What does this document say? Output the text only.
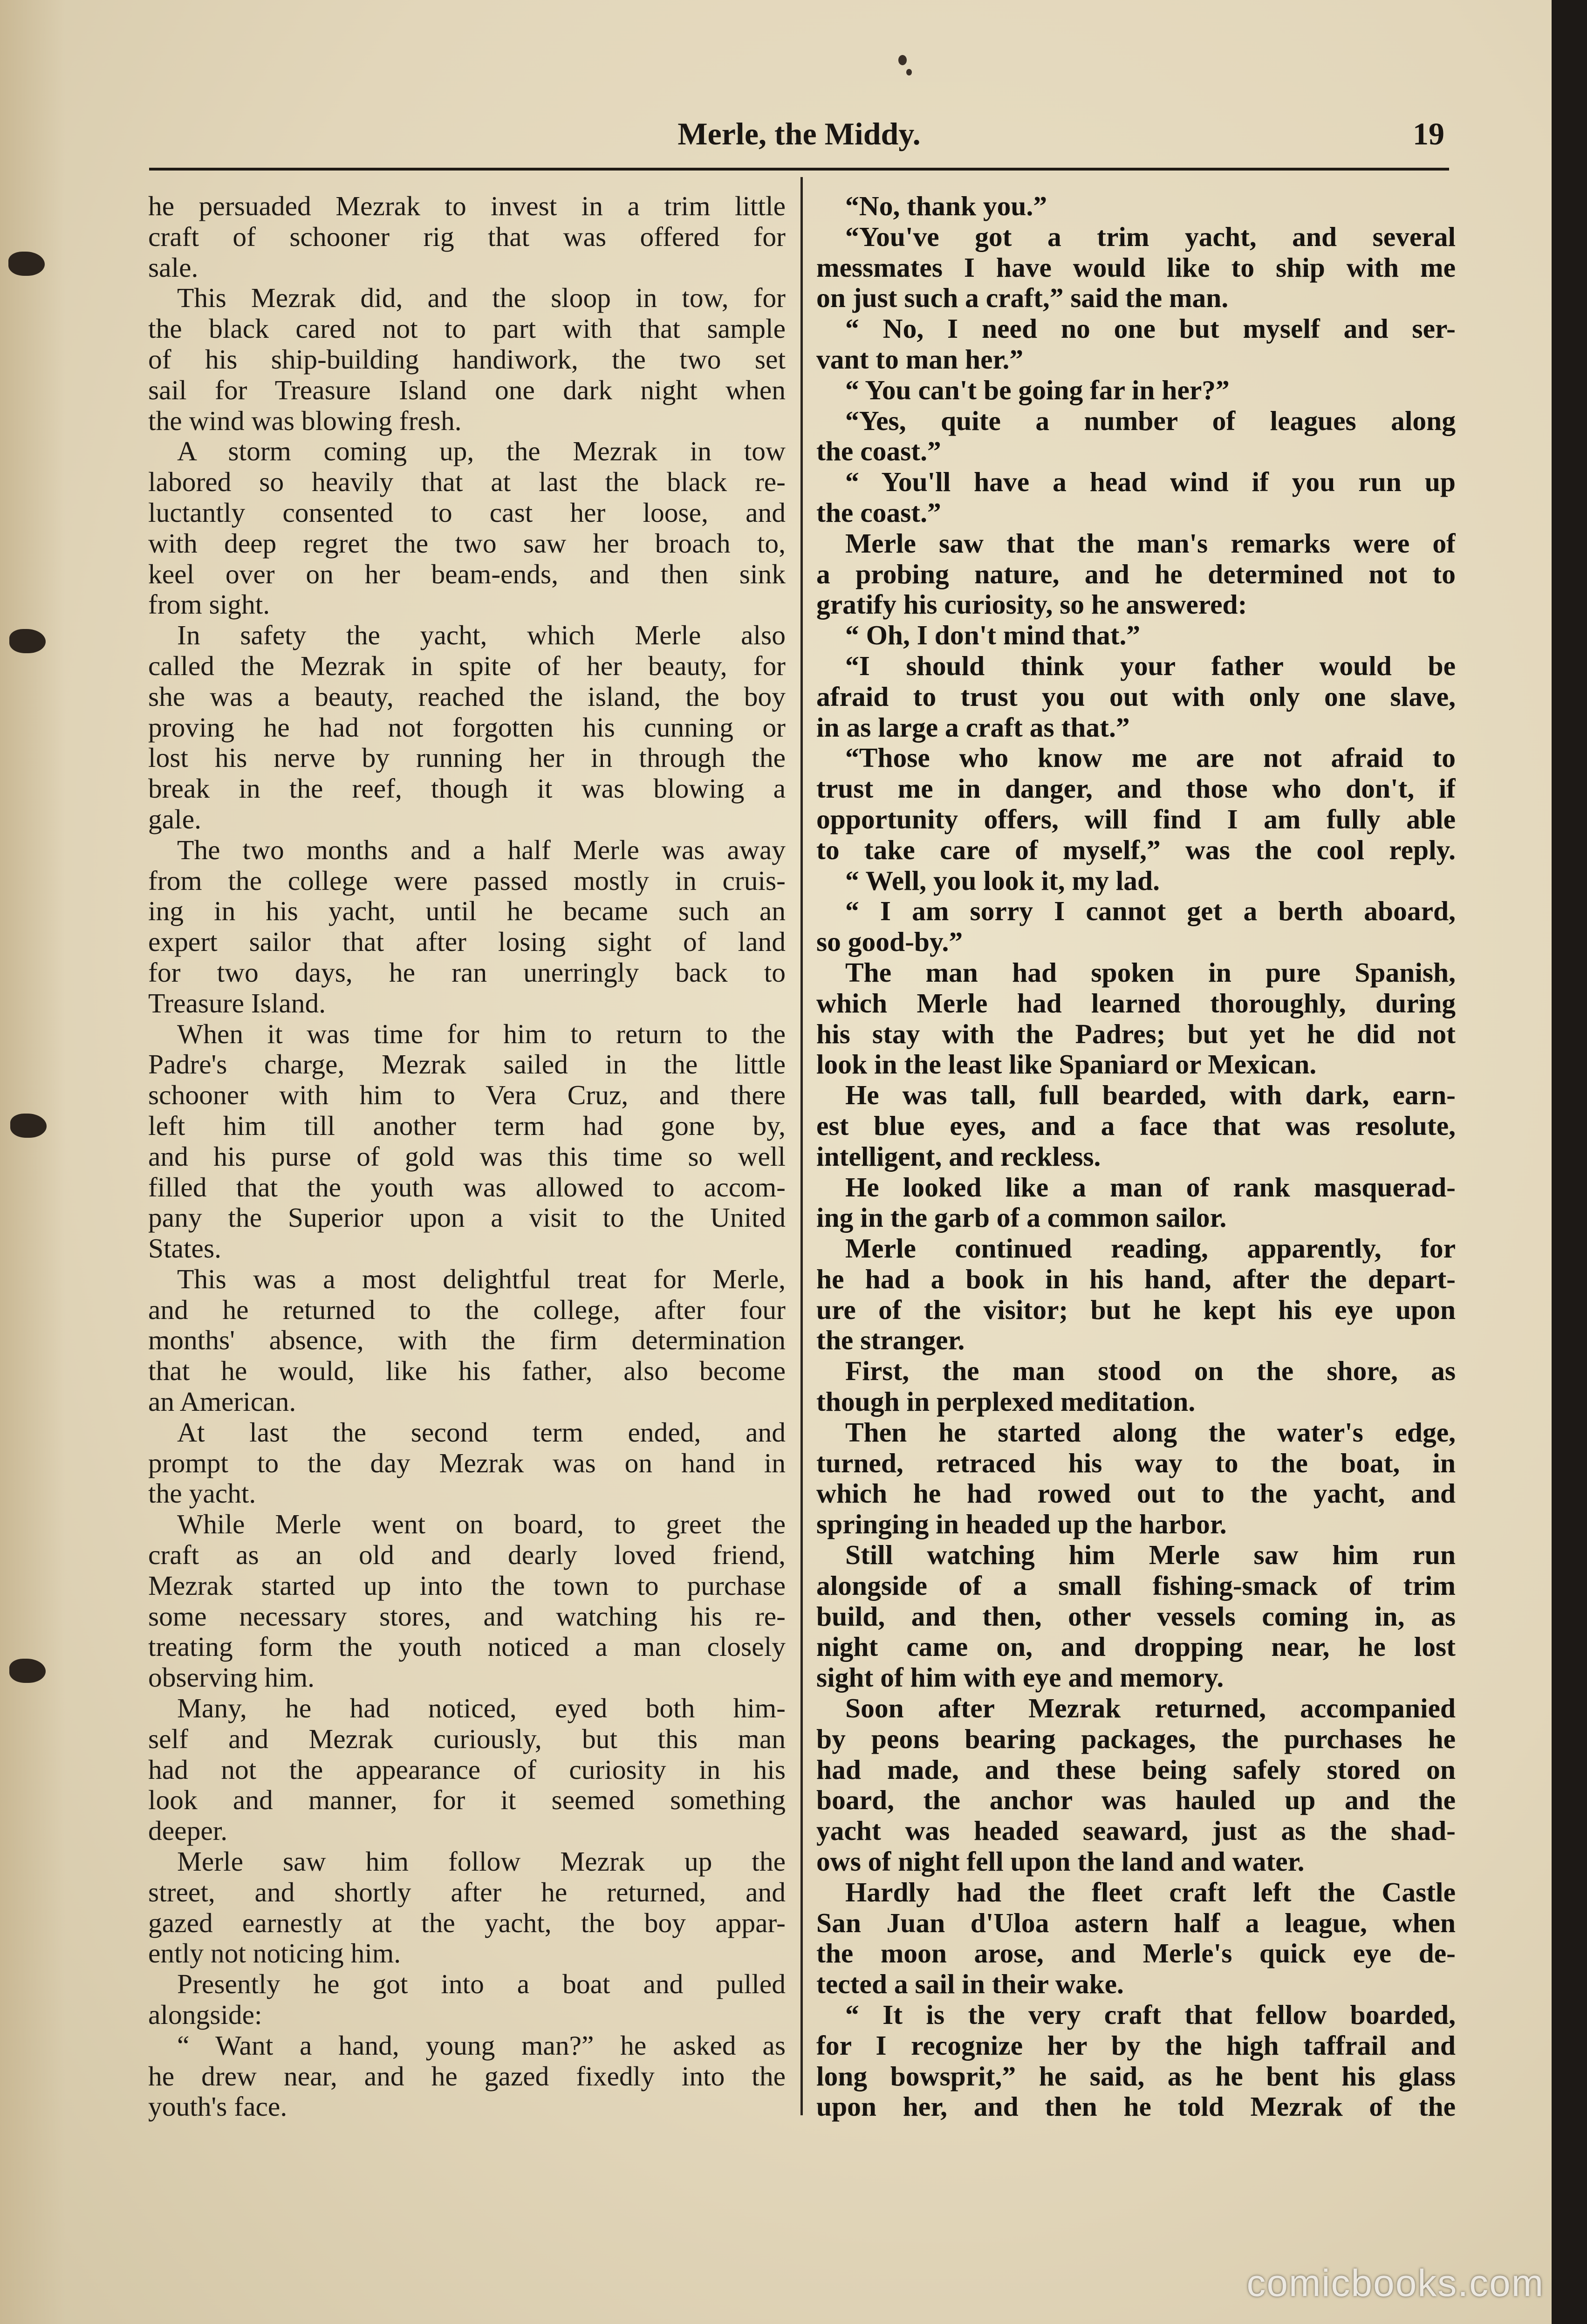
Merle, the Middy.	19
he persuaded Mezrak to invest in a trim little
craft of schooner rig that was offered for
sale.
This Mezrak did, and the sloop in tow, for
the black cared not to part with that sample
of his ship-building handiwork, the two set
sail for Treasure Island one dark night when
the wind was blowing fresh.
A storm coming up, the Mezrak in tow
labored so heavily that at last the black re-
luctantly consented to cast her loose, and
with deep regret the two saw her broach to,
keel over on her beam-ends, and then sink
from sight.
In safety the yacht, which Merle also
called the Mezrak in spite of her beauty, for
she was a beauty, reached the island, the boy
proving he had not forgotten his cunning or
lost his nerve by running her in through the
break in the reef, though it was blowing a
gale.
The two months and a half Merle was away
from the college were passed mostly in cruis-
ing in his yacht, until he became such an
expert sailor that after losing sight of land
for two days, he ran unerringly back to
Treasure Island.
When it was time for him to return to the
Padre's charge, Mezrak sailed in the little
schooner with him to Vera Cruz, and there
left him till another term had gone by,
and his purse of gold was this time so well
filled that the youth was allowed to accom-
pany the Superior upon a visit to the United
States.
This was a most delightful treat for Merle,
and he returned to the college, after four
months' absence, with the firm determination
that he would, like his father, also become
an American.
At last the second term ended, and
prompt to the day Mezrak was on hand in
the yacht.
While Merle went on board, to greet the
craft as an old and dearly loved friend,
Mezrak started up into the town to purchase
some necessary stores, and watching his re-
treating form the youth noticed a man closely
observing him.
Many, he had noticed, eyed both him-
self and Mezrak curiously, but this man
had not the appearance of curiosity in his
look and manner, for it seemed something
deeper.
Merle saw him follow Mezrak up the
street, and shortly after he returned, and
gazed earnestly at the yacht, the boy appar-
ently not noticing him.
Presently he got into a boat and pulled
alongside:
“ Want a hand, young man?” he asked as
he drew near, and he gazed fixedly into the
youth's face.
“No, thank you.”
“You've got a trim yacht, and several
messmates I have would like to ship with me
on just such a craft,” said the man.
“ No, I need no one but myself and ser-
vant to man her.”
“ You can't be going far in her?”
“Yes, quite a number of leagues along
the coast.”
“ You'll have a head wind if you run up
the coast.”
Merle saw that the man's remarks were of
a probing nature, and he determined not to
gratify his curiosity, so he answered:
“ Oh, I don't mind that.”
“I should think your father would be
afraid to trust you out with only one slave,
in as large a craft as that.”
“Those who know me are not afraid to
trust me in danger, and those who don't, if
opportunity offers, will find I am fully able
to take care of myself,” was the cool reply.
“ Well, you look it, my lad.
“ I am sorry I cannot get a berth aboard,
so good-by.”
The man had spoken in pure Spanish,
which Merle had learned thoroughly, during
his stay with the Padres; but yet he did not
look in the least like Spaniard or Mexican.
He was tall, full bearded, with dark, earn-
est blue eyes, and a face that was resolute,
intelligent, and reckless.
He looked like a man of rank masquerad-
ing in the garb of a common sailor.
Merle continued reading, apparently, for
he had a book in his hand, after the depart-
ure of the visitor; but he kept his eye upon
the stranger.
First, the man stood on the shore, as
though in perplexed meditation.
Then he started along the water's edge,
turned, retraced his way to the boat, in
which he had rowed out to the yacht, and
springing in headed up the harbor.
Still watching him Merle saw him run
alongside of a small fishing-smack of trim
build, and then, other vessels coming in, as
night came on, and dropping near, he lost
sight of him with eye and memory.
Soon after Mezrak returned, accompanied
by peons bearing packages, the purchases he
had made, and these being safely stored on
board, the anchor was hauled up and the
yacht was headed seaward, just as the shad-
ows of night fell upon the land and water.
Hardly had the fleet craft left the Castle
San Juan d'Uloa astern half a league, when
the moon arose, and Merle's quick eye de-
tected a sail in their wake.
“ It is the very craft that fellow boarded,
for I recognize her by the high taffrail and
long bowsprit,” he said, as he bent his glass
upon her, and then he told Mezrak of the
comicbooks.com
